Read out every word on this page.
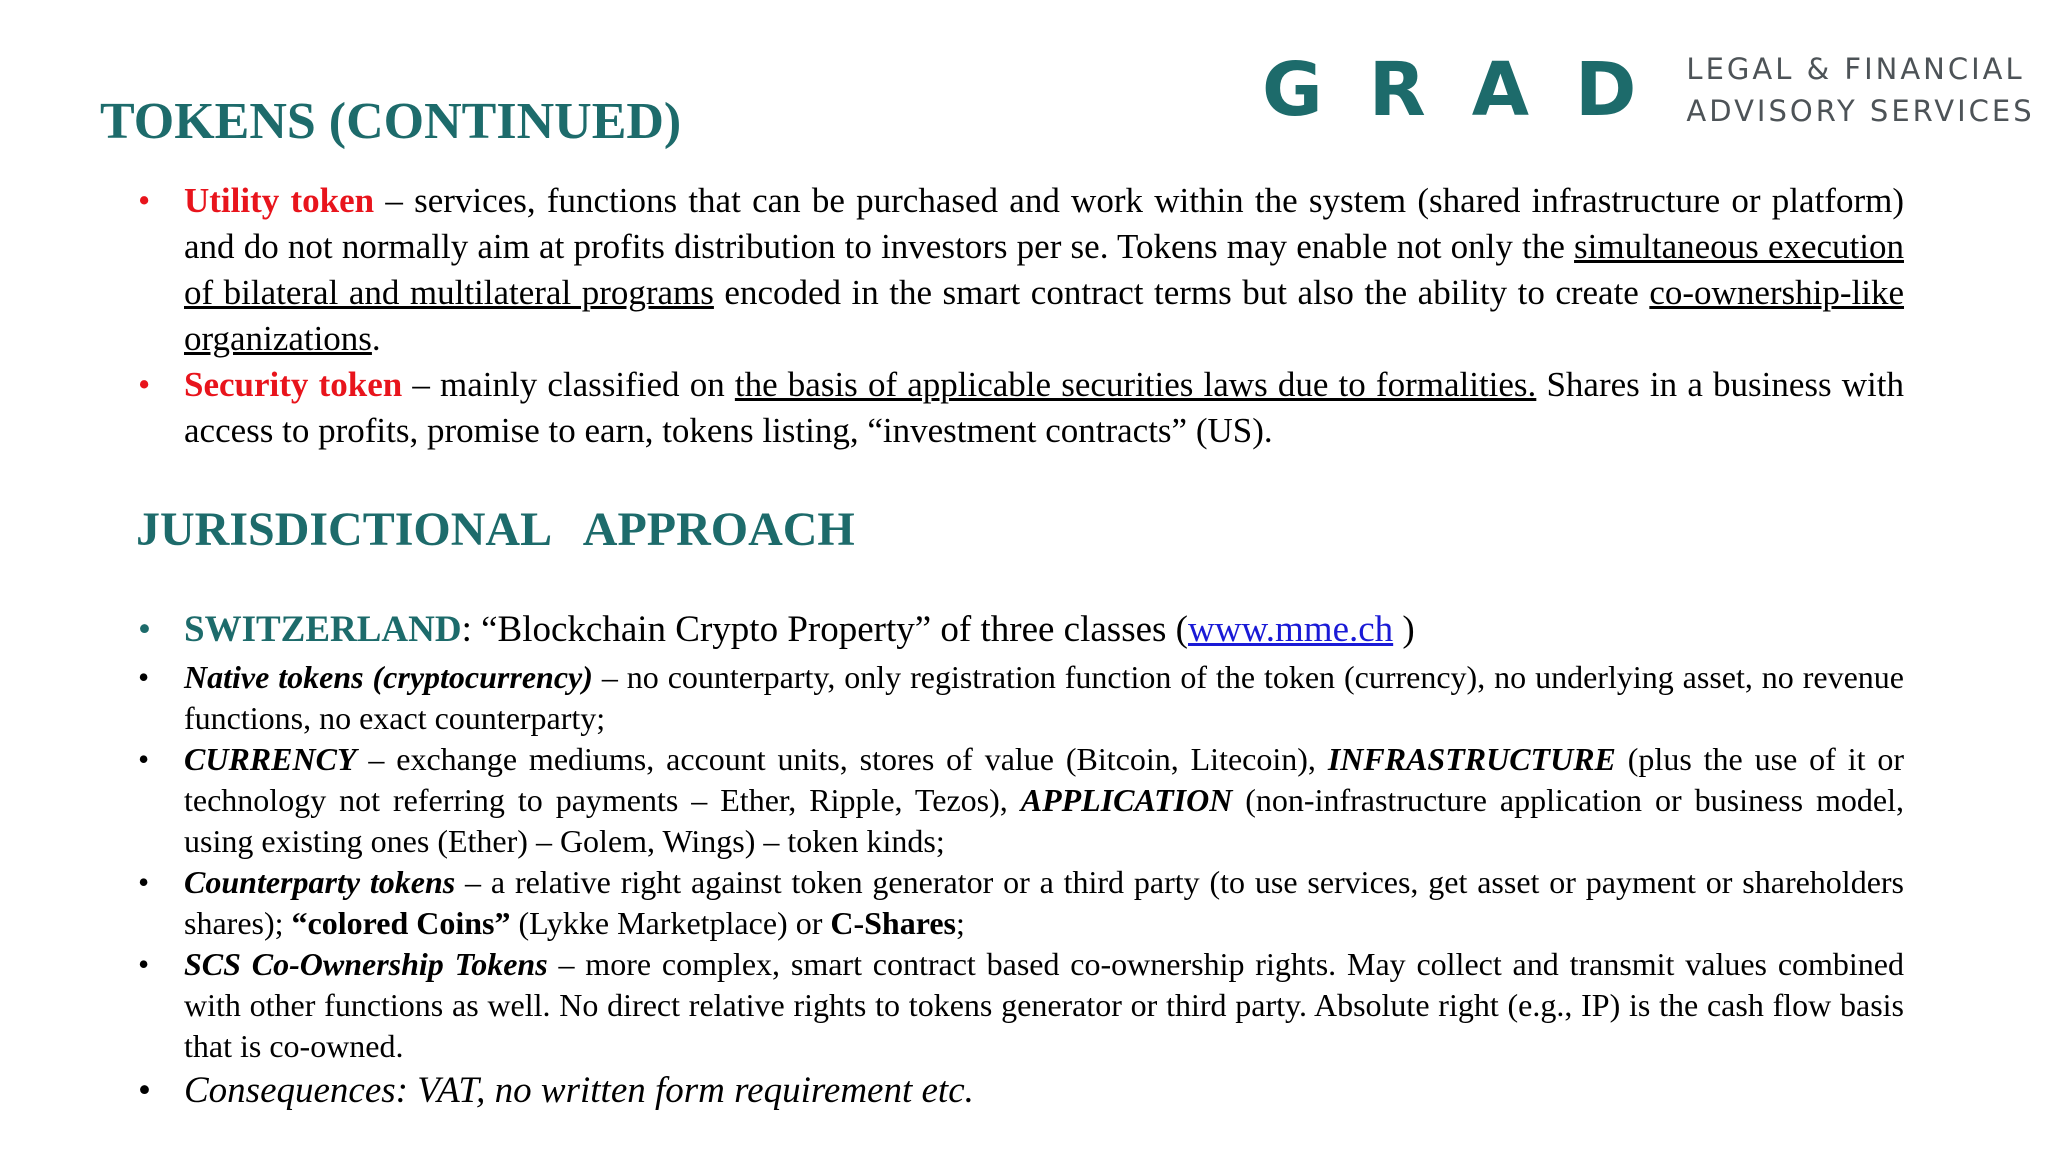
TOKENS (CONTINUED)	GRAD LEGAL & FINANCIAL
ADVISORY SERVICES
• Utility token – services, functions that can be purchased and work within the system (shared infrastructure or platform) and do not normally aim at profits distribution to investors per se. Tokens may enable not only the simultaneous execution of bilateral and multilateral programs encoded in the smart contract terms but also the ability to create co-ownership-like organizations.
• Security token – mainly classified on the basis of applicable securities laws due to formalities. Shares in a business with access to profits, promise to earn, tokens listing, “investment contracts” (US).
JURISDICTIONAL   APPROACH
• SWITZERLAND: “Blockchain Crypto Property” of three classes (www.mme.ch )
• Native tokens (cryptocurrency) – no counterparty, only registration function of the token (currency), no underlying asset, no revenue functions, no exact counterparty;
• CURRENCY – exchange mediums, account units, stores of value (Bitcoin, Litecoin), INFRASTRUCTURE (plus the use of it or technology not referring to payments – Ether, Ripple, Tezos), APPLICATION (non-infrastructure application or business model, using existing ones (Ether) – Golem, Wings) – token kinds;
• Counterparty tokens – a relative right against token generator or a third party (to use services, get asset or payment or shareholders shares); “colored Coins” (Lykke Marketplace) or C-Shares;
• SCS Co-Ownership Tokens – more complex, smart contract based co-ownership rights. May collect and transmit values combined with other functions as well. No direct relative rights to tokens generator or third party. Absolute right (e.g., IP) is the cash flow basis that is co-owned.
• Consequences: VAT, no written form requirement etc.
